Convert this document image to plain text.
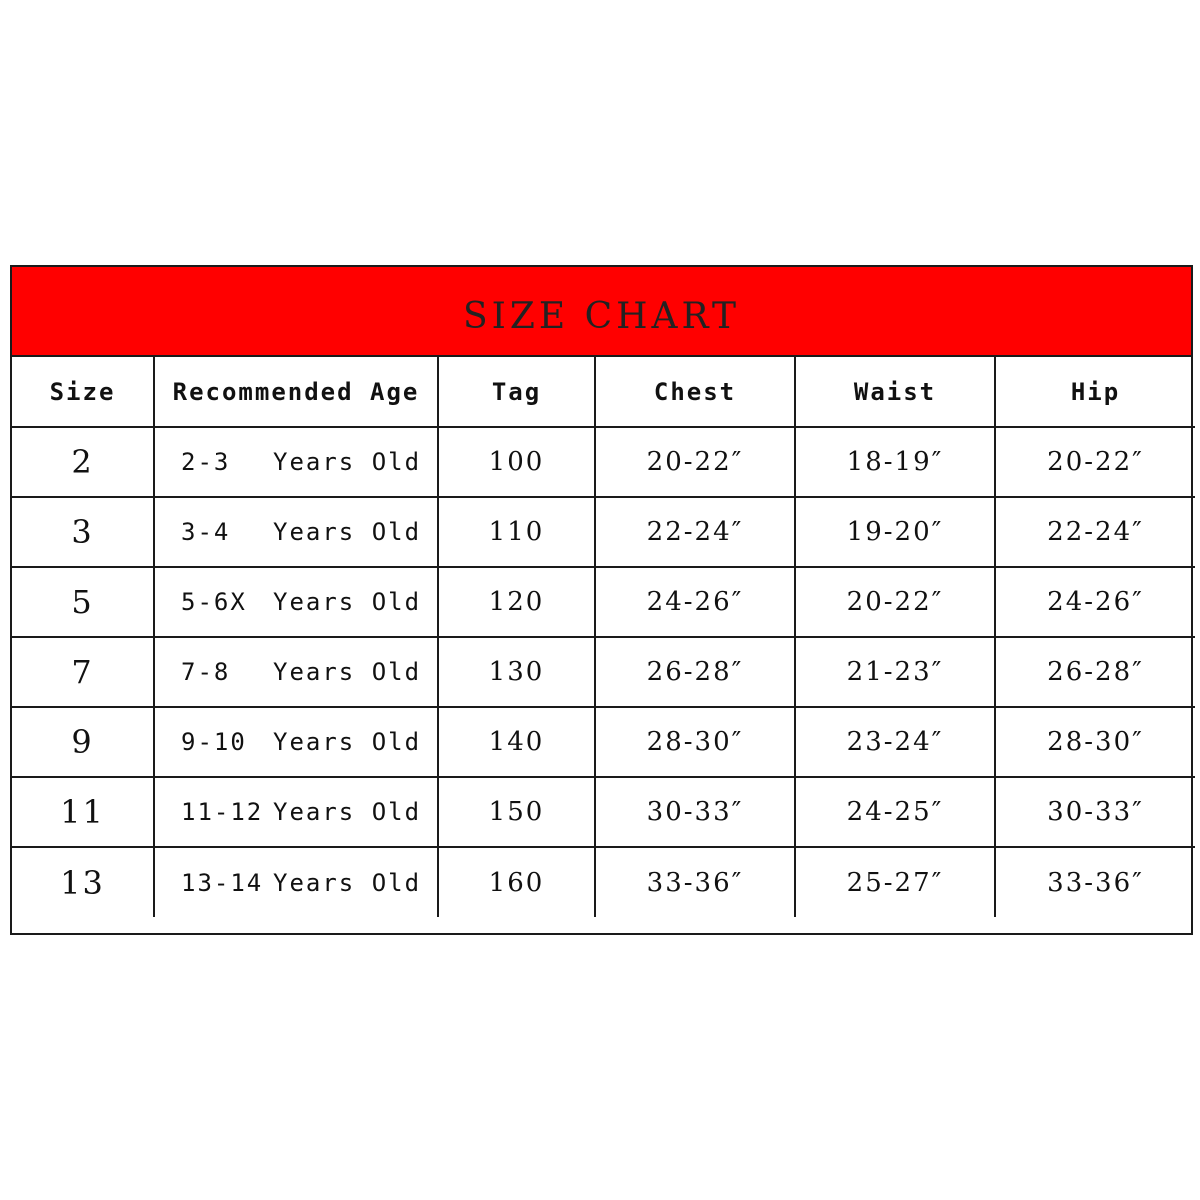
SIZE CHART
Size	Recommended Age	Tag	Chest	Waist	Hip
2	2-3 Years Old	100	20-22″	18-19″	20-22″
3	3-4 Years Old	110	22-24″	19-20″	22-24″
5	5-6X Years Old	120	24-26″	20-22″	24-26″
7	7-8 Years Old	130	26-28″	21-23″	26-28″
9	9-10 Years Old	140	28-30″	23-24″	28-30″
11	11-12 Years Old	150	30-33″	24-25″	30-33″
13	13-14 Years Old	160	33-36″	25-27″	33-36″
